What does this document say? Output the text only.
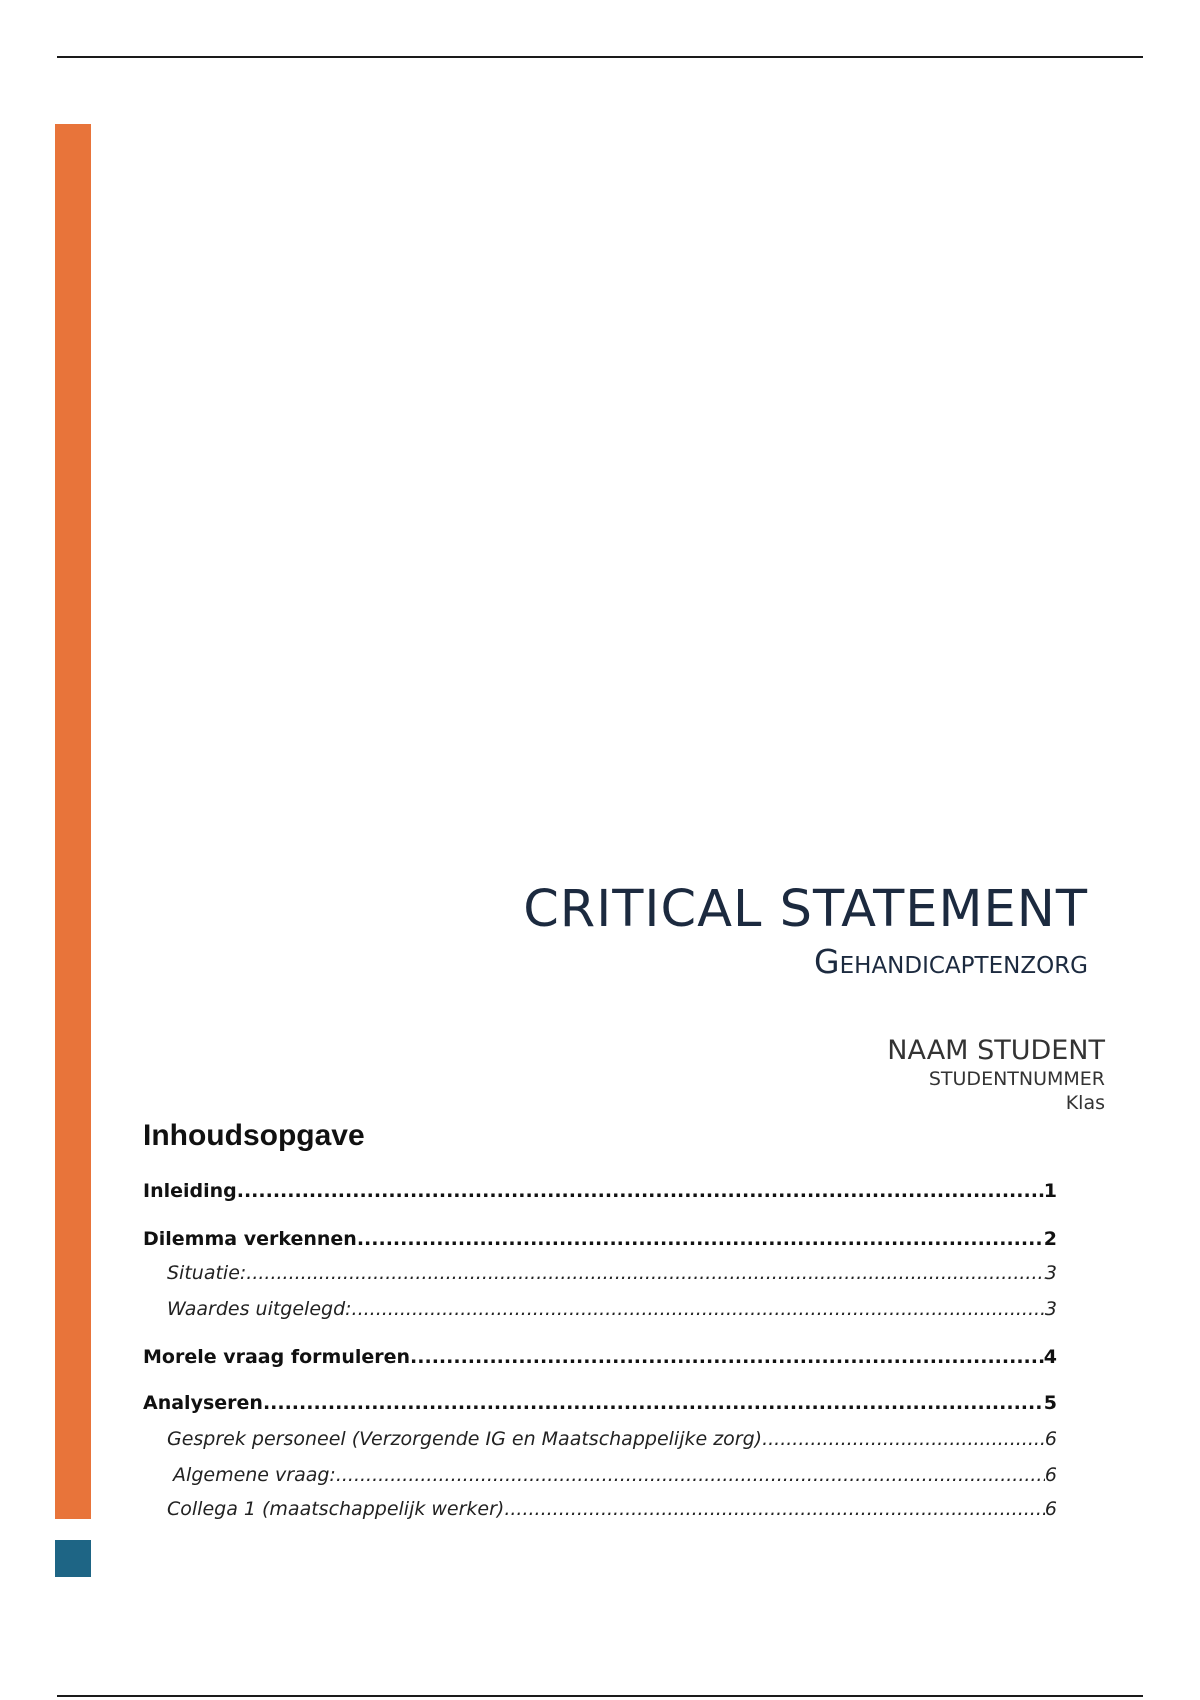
CRITICAL STATEMENT
Gehandicaptenzorg
NAAM STUDENT
STUDENTNUMMER
Klas
Inhoudsopgave
Inleiding .....	1
Dilemma verkennen .....	2
Situatie: .....	3
Waardes uitgelegd: .....	3
Morele vraag formuleren .....	4
Analyseren .....	5
Gesprek personeel (Verzorgende IG en Maatschappelijke zorg) .....	6
Algemene vraag: .....	6
Collega 1 (maatschappelijk werker) .....	6
